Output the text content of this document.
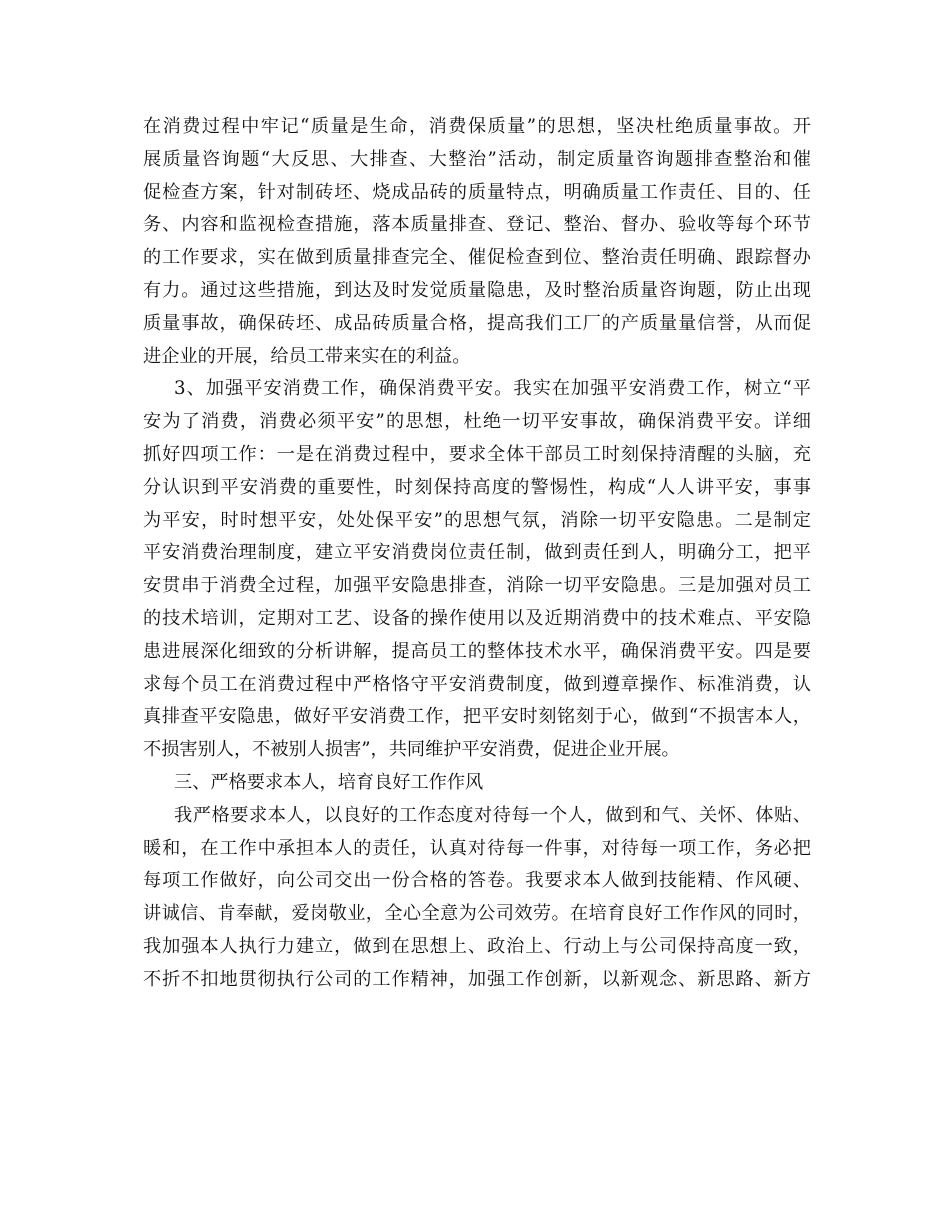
在消费过程中牢记“质量是生命，消费保质量”的思想，坚决杜绝质量事故。开
展质量咨询题“大反思、大排查、大整治”活动，制定质量咨询题排查整治和催
促检查方案，针对制砖坯、烧成品砖的质量特点，明确质量工作责任、目的、任
务、内容和监视检查措施，落本质量排查、登记、整治、督办、验收等每个环节
的工作要求，实在做到质量排查完全、催促检查到位、整治责任明确、跟踪督办
有力。通过这些措施，到达及时发觉质量隐患，及时整治质量咨询题，防止出现
质量事故，确保砖坯、成品砖质量合格，提高我们工厂的产质量量信誉，从而促
进企业的开展，给员工带来实在的利益。
3、加强平安消费工作，确保消费平安。我实在加强平安消费工作，树立“平
安为了消费，消费必须平安”的思想，杜绝一切平安事故，确保消费平安。详细
抓好四项工作：一是在消费过程中，要求全体干部员工时刻保持清醒的头脑，充
分认识到平安消费的重要性，时刻保持高度的警惕性，构成“人人讲平安，事事
为平安，时时想平安，处处保平安”的思想气氛，消除一切平安隐患。二是制定
平安消费治理制度，建立平安消费岗位责任制，做到责任到人，明确分工，把平
安贯串于消费全过程，加强平安隐患排查，消除一切平安隐患。三是加强对员工
的技术培训，定期对工艺、设备的操作使用以及近期消费中的技术难点、平安隐
患进展深化细致的分析讲解，提高员工的整体技术水平，确保消费平安。四是要
求每个员工在消费过程中严格恪守平安消费制度，做到遵章操作、标准消费，认
真排查平安隐患，做好平安消费工作，把平安时刻铭刻于心，做到“不损害本人，
不损害别人，不被别人损害”，共同维护平安消费，促进企业开展。
三、严格要求本人，培育良好工作作风
我严格要求本人，以良好的工作态度对待每一个人，做到和气、关怀、体贴、
暖和，在工作中承担本人的责任，认真对待每一件事，对待每一项工作，务必把
每项工作做好，向公司交出一份合格的答卷。我要求本人做到技能精、作风硬、
讲诚信、肯奉献，爱岗敬业，全心全意为公司效劳。在培育良好工作作风的同时，
我加强本人执行力建立，做到在思想上、政治上、行动上与公司保持高度一致，
不折不扣地贯彻执行公司的工作精神，加强工作创新，以新观念、新思路、新方
